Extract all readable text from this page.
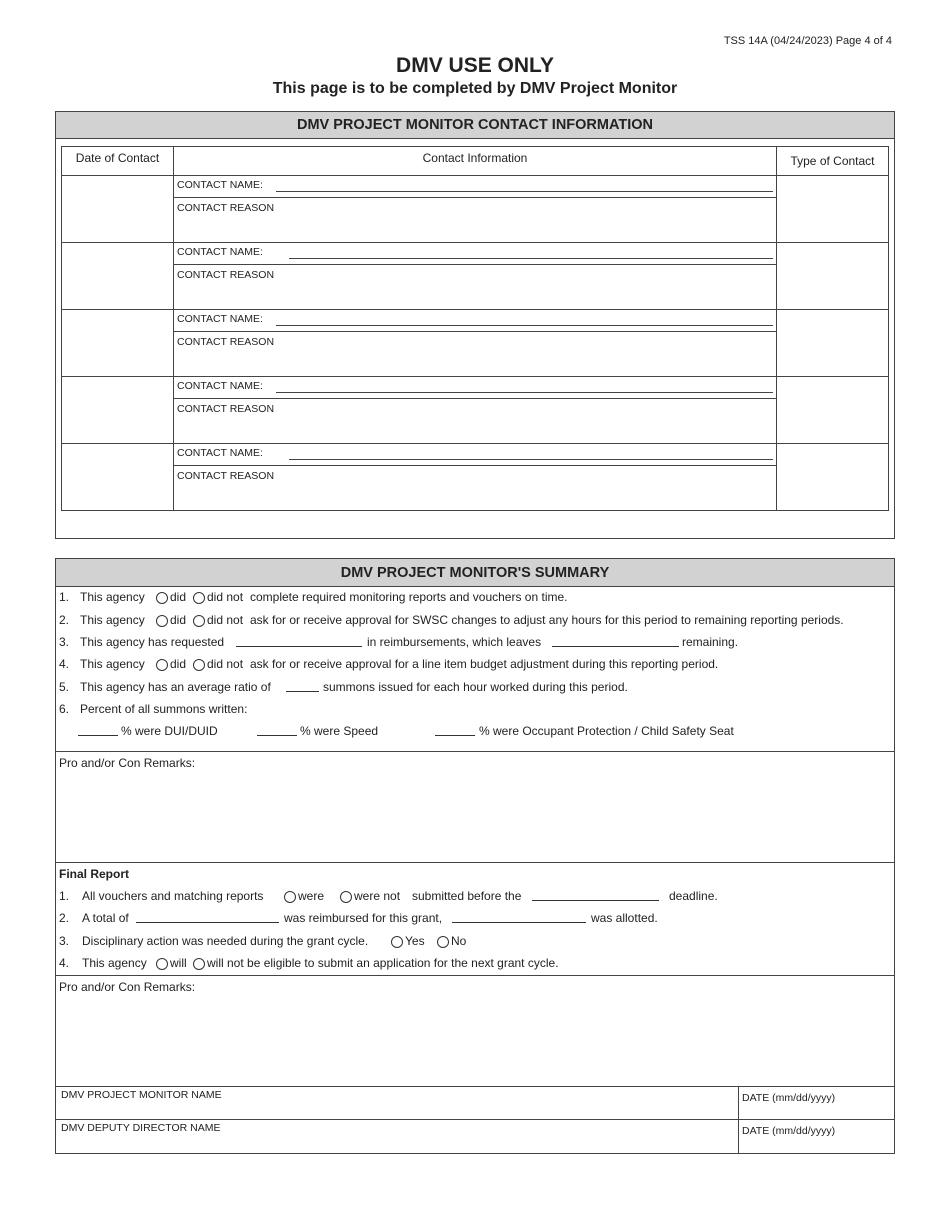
TSS 14A (04/24/2023) Page 4 of 4
DMV USE ONLY
This page is to be completed by DMV Project Monitor
DMV PROJECT MONITOR CONTACT INFORMATION
Date of Contact	Contact Information	Type of Contact

	CONTACT NAME:
CONTACT REASON	

	CONTACT NAME:
CONTACT REASON	

	CONTACT NAME:
CONTACT REASON	

	CONTACT NAME:
CONTACT REASON	

	CONTACT NAME:
CONTACT REASON	

DMV PROJECT MONITOR'S SUMMARY
1. This agency did did not complete required monitoring reports and vouchers on time.
2. This agency did did not ask for or receive approval for SWSC changes to adjust any hours for this period to remaining reporting periods.
3. This agency has requested	in reimbursements, which leaves	remaining.
4. This agency did did not ask for or receive approval for a line item budget adjustment during this reporting period.
5. This agency has an average ratio of	summons issued for each hour worked during this period.
6. Percent of all summons written:
% were DUI/DUID	% were Speed	% were Occupant Protection / Child Safety Seat
Pro and/or Con Remarks:
Final Report
1. All vouchers and matching reports	were were not submitted before the	deadline.
2. A total of	was reimbursed for this grant,	was allotted.
3. Disciplinary action was needed during the grant cycle.	Yes No
4. This agency will will not be eligible to submit an application for the next grant cycle.
Pro and/or Con Remarks:
DMV PROJECT MONITOR NAME	DATE (mm/dd/yyyy)
DMV DEPUTY DIRECTOR NAME	DATE (mm/dd/yyyy)
